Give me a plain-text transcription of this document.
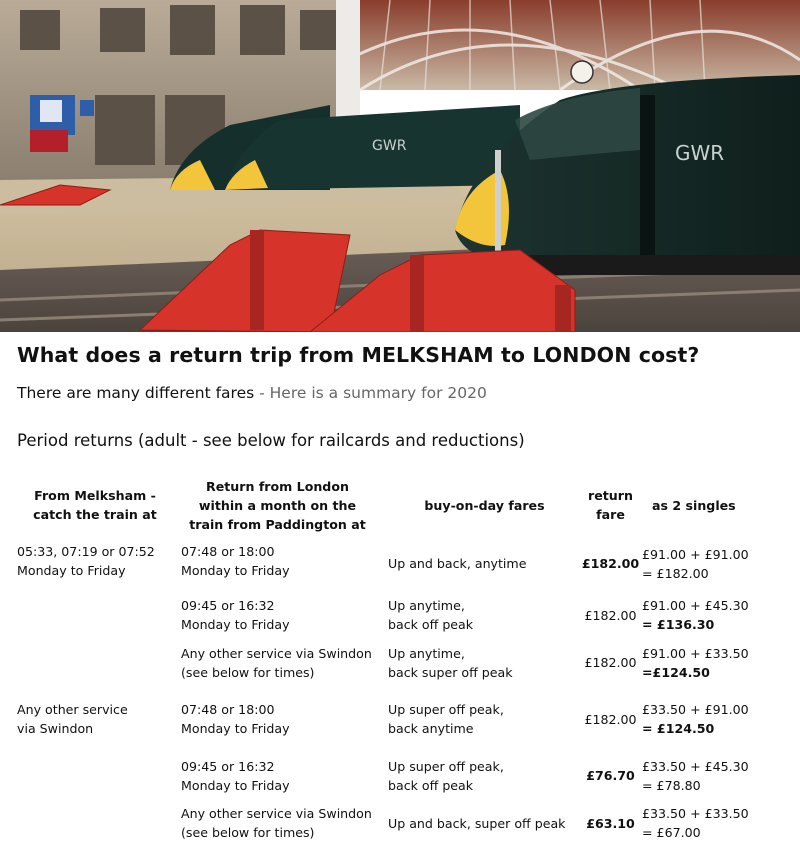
GWR	GWR
What does a return trip from MELKSHAM to LONDON cost?

There are many different fares - Here is a summary for 2020

Period returns (adult - see below for railcards and reductions)

From Melksham -
catch the train at	Return from London
within a month on the
train from Paddington at	buy-on-day fares	return
fare	as 2 singles

05:33, 07:19 or 07:52
Monday to Friday	07:48 or 18:00
Monday to Friday	Up and back, anytime	£182.00	£91.00 + £91.00
= £182.00

	09:45 or 16:32
Monday to Friday	Up anytime,
back off peak	£182.00	£91.00 + £45.30
= £136.30

	Any other service via Swindon
(see below for times)	Up anytime,
back super off peak	£182.00	£91.00 + £33.50
=£124.50

Any other service
via Swindon	07:48 or 18:00
Monday to Friday	Up super off peak,
back anytime	£182.00	£33.50 + £91.00
= £124.50

	09:45 or 16:32
Monday to Friday	Up super off peak,
back off peak	£76.70	£33.50 + £45.30
= £78.80

	Any other service via Swindon
(see below for times)	Up and back, super off peak	£63.10	£33.50 + £33.50
= £67.00
